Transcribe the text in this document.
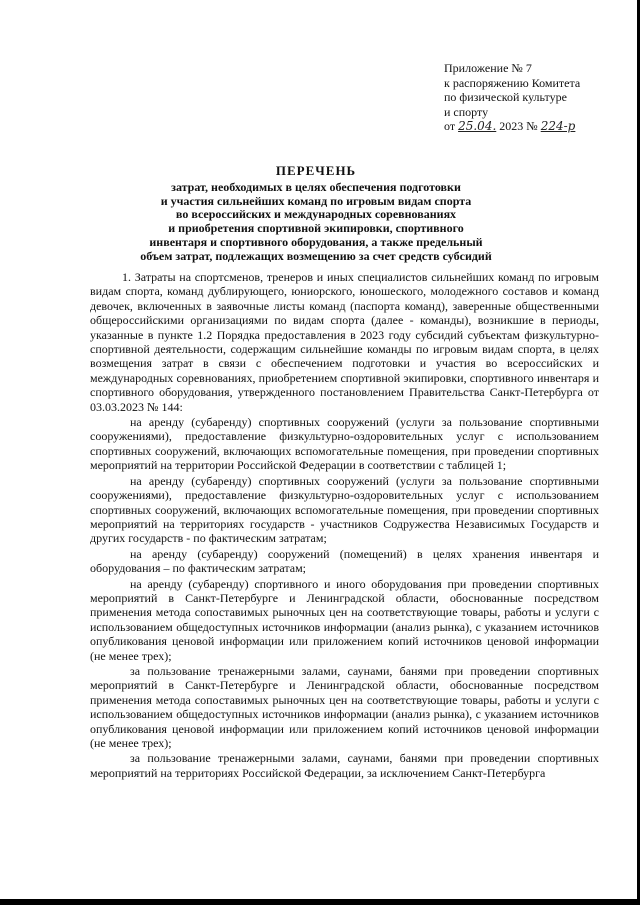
Приложение № 7
к распоряжению Комитета
по физической культуре
и спорту
от 25.04. 2023 № 224-р
ПЕРЕЧЕНЬ
затрат, необходимых в целях обеспечения подготовки
и участия сильнейших команд по игровым видам спорта
во всероссийских и международных соревнованиях
и приобретения спортивной экипировки, спортивного
инвентаря и спортивного оборудования, а также предельный
объем затрат, подлежащих возмещению за счет средств субсидий

1. Затраты на спортсменов, тренеров и иных специалистов сильнейших команд по игровым видам спорта, команд дублирующего, юниорского, юношеского, молодежного составов и команд девочек, включенных в заявочные листы команд (паспорта команд), заверенные общественными общероссийскими организациями по видам спорта (далее - команды), возникшие в периоды, указанные в пункте 1.2 Порядка предоставления в 2023 году субсидий субъектам физкультурно-спортивной деятельности, содержащим сильнейшие команды по игровым видам спорта, в целях возмещения затрат в связи с обеспечением подготовки и участия во всероссийских и международных соревнованиях, приобретением спортивной экипировки, спортивного инвентаря и спортивного оборудования, утвержденного постановлением Правительства Санкт-Петербурга от 03.03.2023 № 144:

на аренду (субаренду) спортивных сооружений (услуги за пользование спортивными сооружениями), предоставление физкультурно-оздоровительных услуг с использованием спортивных сооружений, включающих вспомогательные помещения, при проведении спортивных мероприятий на территории Российской Федерации в соответствии с таблицей 1;

на аренду (субаренду) спортивных сооружений (услуги за пользование спортивными сооружениями), предоставление физкультурно-оздоровительных услуг с использованием спортивных сооружений, включающих вспомогательные помещения, при проведении спортивных мероприятий на территориях государств - участников Содружества Независимых Государств и других государств - по фактическим затратам;

на аренду (субаренду) сооружений (помещений) в целях хранения инвентаря и оборудования – по фактическим затратам;

на аренду (субаренду) спортивного и иного оборудования при проведении спортивных мероприятий в Санкт-Петербурге и Ленинградской области, обоснованные посредством применения метода сопоставимых рыночных цен на соответствующие товары, работы и услуги с использованием общедоступных источников информации (анализ рынка), с указанием источников опубликования ценовой информации или приложением копий источников ценовой информации (не менее трех);

за пользование тренажерными залами, саунами, банями при проведении спортивных мероприятий в Санкт-Петербурге и Ленинградской области, обоснованные посредством применения метода сопоставимых рыночных цен на соответствующие товары, работы и услуги с использованием общедоступных источников информации (анализ рынка), с указанием источников опубликования ценовой информации или приложением копий источников ценовой информации (не менее трех);

за пользование тренажерными залами, саунами, банями при проведении спортивных мероприятий на территориях Российской Федерации, за исключением Санкт-Петербурга
